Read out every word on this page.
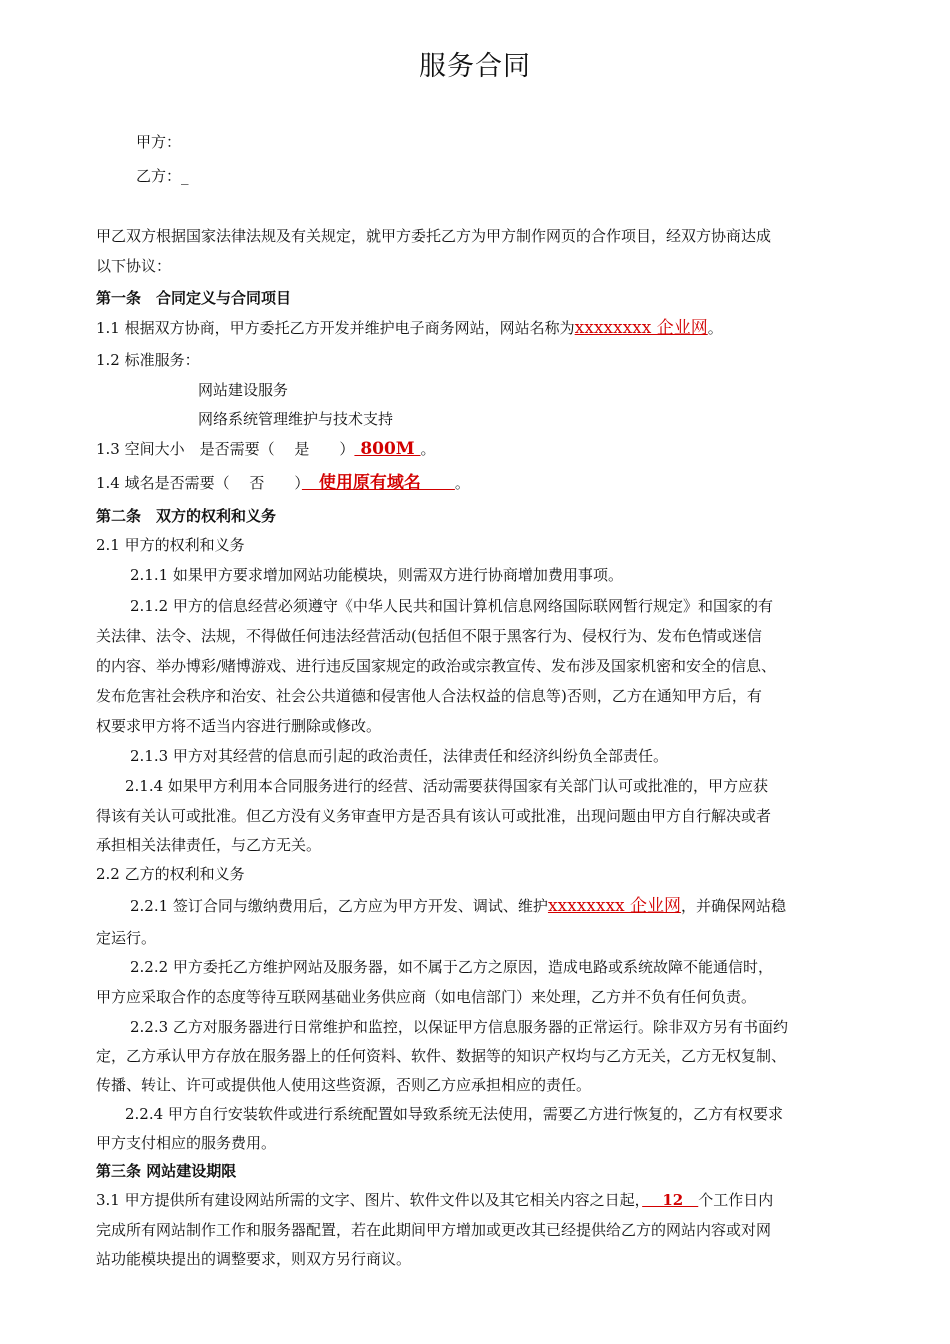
服务合同
甲方：
乙方：_
甲乙双方根据国家法律法规及有关规定，就甲方委托乙方为甲方制作网页的合作项目，经双方协商达成
以下协议：
第一条　合同定义与合同项目
1.1 根据双方协商，甲方委托乙方开发并维护电子商务网站，网站名称为xxxxxxxx 企业网。
1.2 标准服务：
网站建设服务
网络系统管理维护与技术支持
1.3 空间大小　是否需要（　 是　　） 800M 。
1.4 域名是否需要（　 否　　）　使用原有域名　　。
第二条　双方的权利和义务
2.1 甲方的权利和义务
2.1.1 如果甲方要求增加网站功能模块，则需双方进行协商增加费用事项。
2.1.2 甲方的信息经营必须遵守《中华人民共和国计算机信息网络国际联网暂行规定》和国家的有
关法律、法令、法规，不得做任何违法经营活动(包括但不限于黑客行为、侵权行为、发布色情或迷信
的内容、举办博彩/赌博游戏、进行违反国家规定的政治或宗教宣传、发布涉及国家机密和安全的信息、
发布危害社会秩序和治安、社会公共道德和侵害他人合法权益的信息等)否则，乙方在通知甲方后，有
权要求甲方将不适当内容进行删除或修改。
2.1.3 甲方对其经营的信息而引起的政治责任，法律责任和经济纠纷负全部责任。
2.1.4 如果甲方利用本合同服务进行的经营、活动需要获得国家有关部门认可或批准的，甲方应获
得该有关认可或批准。但乙方没有义务审查甲方是否具有该认可或批准，出现问题由甲方自行解决或者
承担相关法律责任，与乙方无关。
2.2 乙方的权利和义务
2.2.1 签订合同与缴纳费用后，乙方应为甲方开发、调试、维护xxxxxxxx 企业网，并确保网站稳
定运行。
2.2.2 甲方委托乙方维护网站及服务器，如不属于乙方之原因，造成电路或系统故障不能通信时，
甲方应采取合作的态度等待互联网基础业务供应商（如电信部门）来处理，乙方并不负有任何负责。
2.2.3 乙方对服务器进行日常维护和监控，以保证甲方信息服务器的正常运行。除非双方另有书面约
定，乙方承认甲方存放在服务器上的任何资料、软件、数据等的知识产权均与乙方无关，乙方无权复制、
传播、转让、许可或提供他人使用这些资源，否则乙方应承担相应的责任。
2.2.4 甲方自行安装软件或进行系统配置如导致系统无法使用，需要乙方进行恢复的，乙方有权要求
甲方支付相应的服务费用。
第三条 网站建设期限
3.1 甲方提供所有建设网站所需的文字、图片、软件文件以及其它相关内容之日起，　 12　个工作日内
完成所有网站制作工作和服务器配置，若在此期间甲方增加或更改其已经提供给乙方的网站内容或对网
站功能模块提出的调整要求，则双方另行商议。
